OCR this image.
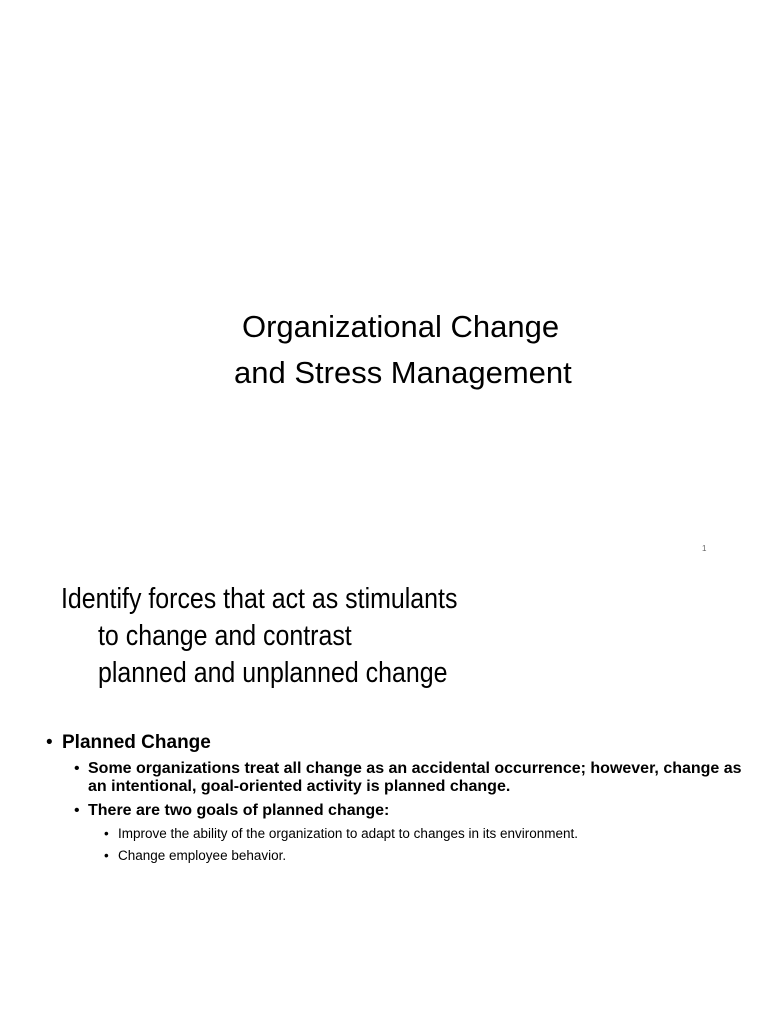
Organizational Change
and Stress Management
1
Identify forces that act as stimulants
to change and contrast
planned and unplanned change
• Planned Change
• Some organizations treat all change as an accidental occurrence; however, change as an intentional, goal-oriented activity is planned change.
• There are two goals of planned change:
• Improve the ability of the organization to adapt to changes in its environment.
• Change employee behavior.
